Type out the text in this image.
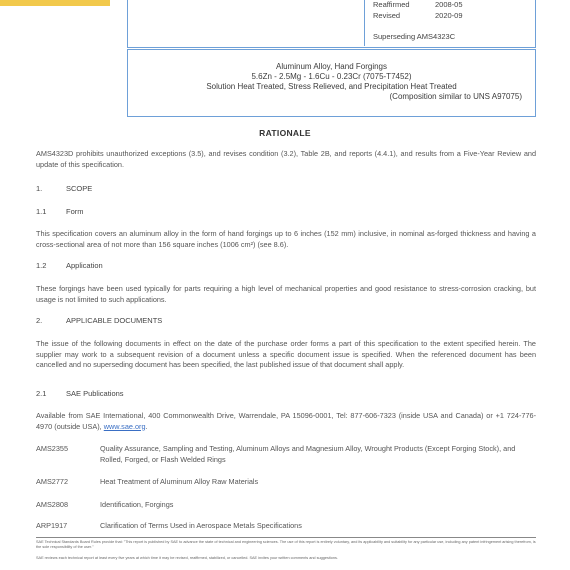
Reaffirmed	2008-05
Revised	2020-09
Superseding AMS4323C
Aluminum Alloy, Hand Forgings
5.6Zn - 2.5Mg - 1.6Cu - 0.23Cr (7075-T7452)
Solution Heat Treated, Stress Relieved, and Precipitation Heat Treated
(Composition similar to UNS A97075)
RATIONALE
AMS4323D prohibits unauthorized exceptions (3.5), and revises condition (3.2), Table 2B, and reports (4.4.1), and results from a Five-Year Review and update of this specification.
1.	SCOPE
1.1	Form
This specification covers an aluminum alloy in the form of hand forgings up to 6 inches (152 mm) inclusive, in nominal as-forged thickness and having a cross-sectional area of not more than 156 square inches (1006 cm²) (see 8.6).
1.2	Application
These forgings have been used typically for parts requiring a high level of mechanical properties and good resistance to stress-corrosion cracking, but usage is not limited to such applications.
2.	APPLICABLE DOCUMENTS
The issue of the following documents in effect on the date of the purchase order forms a part of this specification to the extent specified herein. The supplier may work to a subsequent revision of a document unless a specific document issue is specified. When the referenced document has been cancelled and no superseding document has been specified, the last published issue of that document shall apply.
2.1	SAE Publications
Available from SAE International, 400 Commonwealth Drive, Warrendale, PA 15096-0001, Tel: 877-606-7323 (inside USA and Canada) or +1 724-776-4970 (outside USA), www.sae.org.
AMS2355	Quality Assurance, Sampling and Testing, Aluminum Alloys and Magnesium Alloy, Wrought Products (Except Forging Stock), and Rolled, Forged, or Flash Welded Rings
AMS2772	Heat Treatment of Aluminum Alloy Raw Materials
AMS2808	Identification, Forgings
ARP1917	Clarification of Terms Used in Aerospace Metals Specifications
SAE Technical Standards Board Rules provide that: "This report is published by SAE to advance the state of technical and engineering sciences. The use of this report is entirely voluntary, and its applicability and suitability for any particular use, including any patent infringement arising therefrom, is the sole responsibility of the user."
SAE reviews each technical report at least every five years at which time it may be revised, reaffirmed, stabilized, or cancelled. SAE invites your written comments and suggestions.
